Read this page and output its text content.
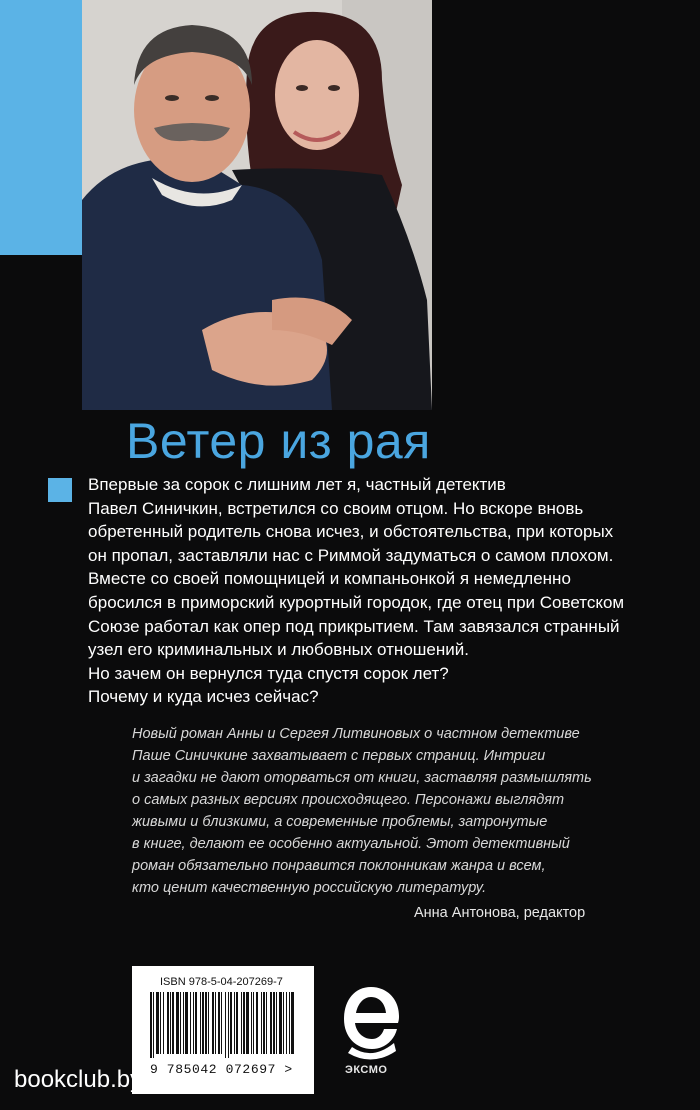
Ветер из рая
Впервые за сорок с лишним лет я, частный детектив
Павел Синичкин, встретился со своим отцом. Но вскоре вновь
обретенный родитель снова исчез, и обстоятельства, при которых
он пропал, заставляли нас с Риммой задуматься о самом плохом.
Вместе со своей помощницей и компаньонкой я немедленно
бросился в приморский курортный городок, где отец при Советском
Союзе работал как опер под прикрытием. Там завязался странный
узел его криминальных и любовных отношений.
Но зачем он вернулся туда спустя сорок лет?
Почему и куда исчез сейчас?
Новый роман Анны и Сергея Литвиновых о частном детективе
Паше Синичкине захватывает с первых страниц. Интриги
и загадки не дают оторваться от книги, заставляя размышлять
о самых разных версиях происходящего. Персонажи выглядят
живыми и близкими, а современные проблемы, затронутые
в книге, делают ее особенно актуальной. Этот детективный
роман обязательно понравится поклонникам жанра и всем,
кто ценит качественную российскую литературу.
Анна Антонова, редактор
ISBN 978-5-04-207269-7
9 785042 072697 >	ЭКСМО
bookclub.by
